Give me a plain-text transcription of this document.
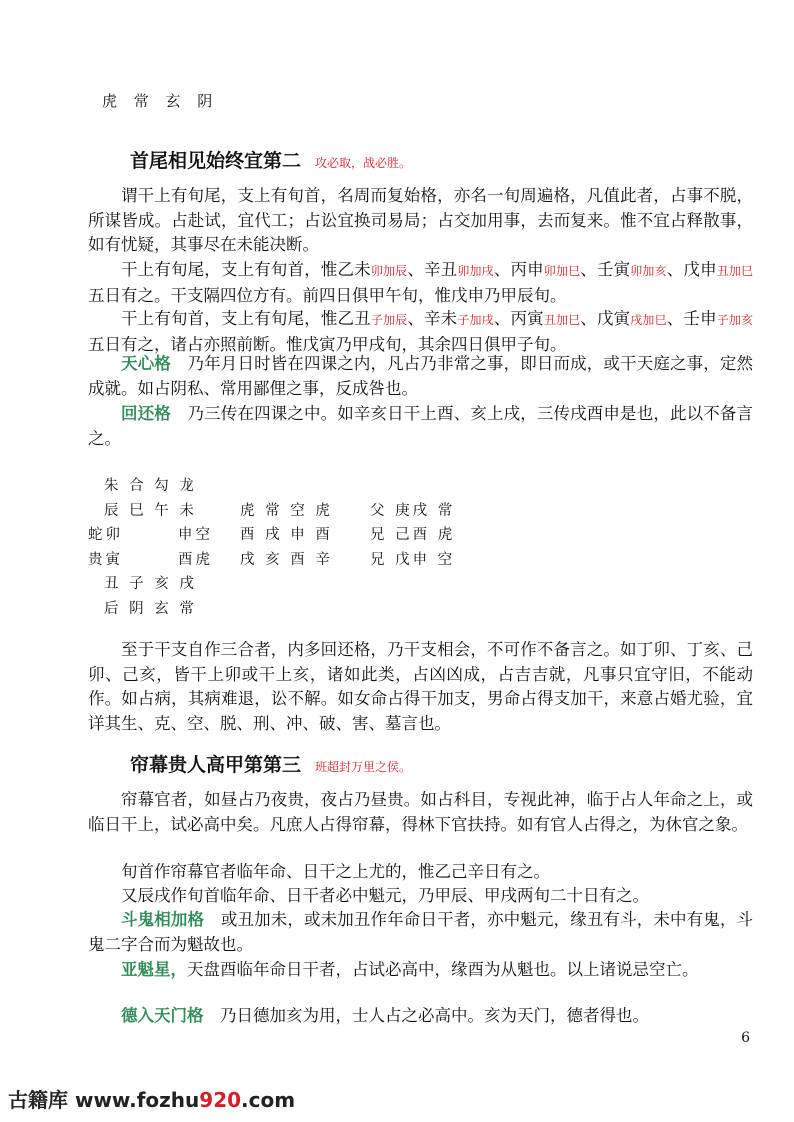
虎 常 玄 阴
首尾相见始终宜第二 攻必取，战必胜。
谓干上有旬尾，支上有旬首，名周而复始格，亦名一旬周遍格，凡值此者，占事不脱，所谋皆成。占赴试，宜代工；占讼宜换司易局；占交加用事，去而复来。惟不宜占释散事，如有忧疑，其事尽在未能决断。
干上有旬尾，支上有旬首，惟乙未卯加辰、辛丑卯加戌、丙申卯加巳、壬寅卯加亥、戊申丑加巳五日有之。干支隔四位方有。前四日俱甲午旬，惟戊申乃甲辰旬。
干上有旬首，支上有旬尾，惟乙丑子加辰、辛未子加戌、丙寅丑加巳、戊寅戌加巳、壬申子加亥五日有之，诸占亦照前断。惟戊寅乃甲戌旬，其余四日俱甲子旬。
天心格　乃年月日时皆在四课之内，凡占乃非常之事，即日而成，或干天庭之事，定然成就。如占阴私、常用鄙俚之事，反成咎也。
回还格　乃三传在四课之中。如辛亥日干上酉、亥上戌，三传戌酉申是也，此以不备言之。
朱 合 勾 龙
辰 巳 午 未
蛇卯	申空
贵寅	酉虎
丑 子 亥 戌
后 阴 玄 常
虎 常 空 虎
酉 戌 申 酉
戌 亥 酉 辛
父 庚戌 常
兄 己酉 虎
兄 戊申 空
至于干支自作三合者，内多回还格，乃干支相会，不可作不备言之。如丁卯、丁亥、己卯、己亥，皆干上卯或干上亥，诸如此类，占凶凶成，占吉吉就，凡事只宜守旧，不能动作。如占病，其病难退，讼不解。如女命占得干加支，男命占得支加干，来意占婚尤验，宜详其生、克、空、脱、刑、冲、破、害、墓言也。
帘幕贵人高甲第第三 班超封万里之侯。
帘幕官者，如昼占乃夜贵，夜占乃昼贵。如占科目，专视此神，临于占人年命之上，或临日干上，试必高中矣。凡庶人占得帘幕，得林下官扶持。如有官人占得之，为休官之象。
旬首作帘幕官者临年命、日干之上尤的，惟乙己辛日有之。
又辰戌作旬首临年命、日干者必中魁元，乃甲辰、甲戌两旬二十日有之。
斗鬼相加格　或丑加未，或未加丑作年命日干者，亦中魁元，缘丑有斗，未中有鬼，斗鬼二字合而为魁故也。
亚魁星，天盘酉临年命日干者，占试必高中，缘酉为从魁也。以上诸说忌空亡。
德入天门格　乃日德加亥为用，士人占之必高中。亥为天门，德者得也。
6
古籍库 www.fozhu920.com
